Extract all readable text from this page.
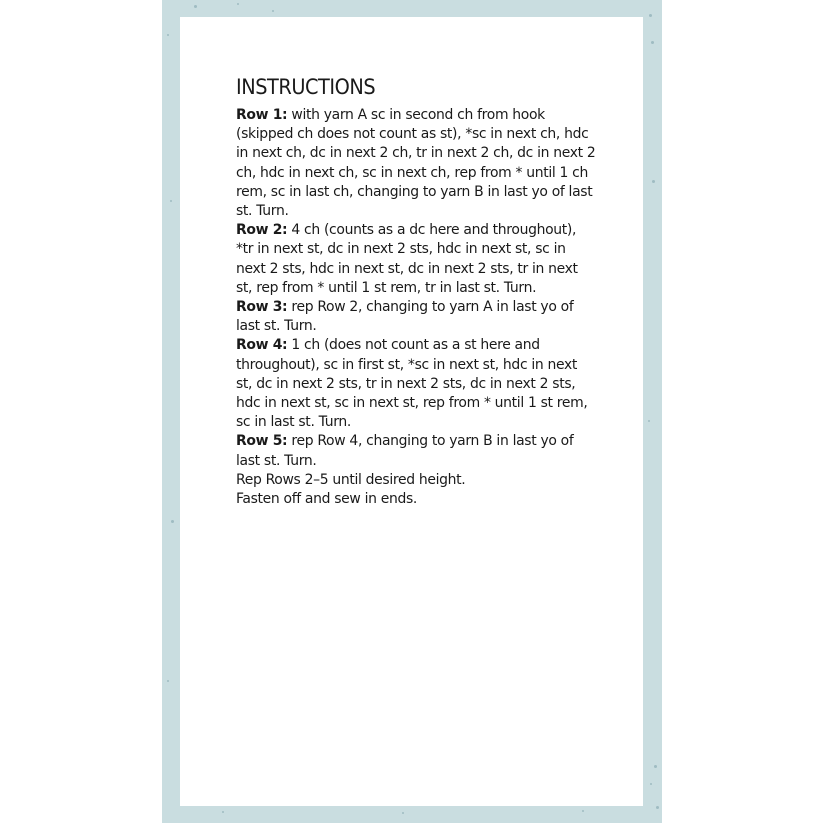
INSTRUCTIONS

Row 1: with yarn A sc in second ch from hook (skipped ch does not count as st), *sc in next ch, hdc in next ch, dc in next 2 ch, tr in next 2 ch, dc in next 2 ch, hdc in next ch, sc in next ch, rep from * until 1 ch rem, sc in last ch, changing to yarn B in last yo of last st. Turn.

Row 2: 4 ch (counts as a dc here and throughout), *tr in next st, dc in next 2 sts, hdc in next st, sc in next 2 sts, hdc in next st, dc in next 2 sts, tr in next st, rep from * until 1 st rem, tr in last st. Turn.

Row 3: rep Row 2, changing to yarn A in last yo of last st. Turn.

Row 4: 1 ch (does not count as a st here and throughout), sc in first st, *sc in next st, hdc in next st, dc in next 2 sts, tr in next 2 sts, dc in next 2 sts, hdc in next st, sc in next st, rep from * until 1 st rem, sc in last st. Turn.

Row 5: rep Row 4, changing to yarn B in last yo of last st. Turn.

Rep Rows 2–5 until desired height.

Fasten off and sew in ends.
